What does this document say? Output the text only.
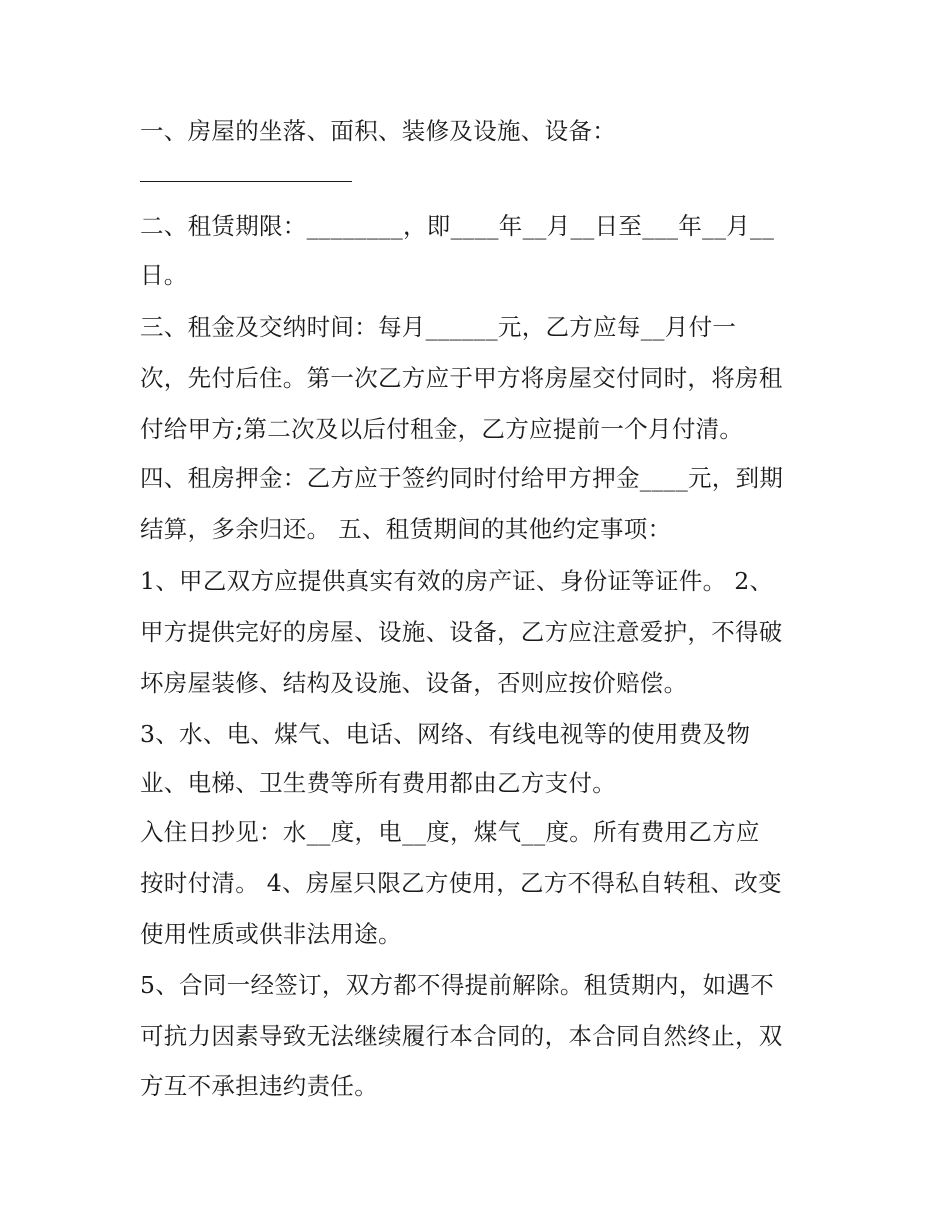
一、房屋的坐落、面积、装修及设施、设备：

二、租赁期限：________，即____年__月__日至___年__月__

日。

三、租金及交纳时间：每月______元，乙方应每__月付一

次，先付后住。第一次乙方应于甲方将房屋交付同时，将房租

付给甲方;第二次及以后付租金，乙方应提前一个月付清。

四、租房押金：乙方应于签约同时付给甲方押金____元，到期

结算，多余归还。 五、租赁期间的其他约定事项：

1、甲乙双方应提供真实有效的房产证、身份证等证件。 2、

甲方提供完好的房屋、设施、设备，乙方应注意爱护，不得破

坏房屋装修、结构及设施、设备，否则应按价赔偿。

3、水、电、煤气、电话、网络、有线电视等的使用费及物

业、电梯、卫生费等所有费用都由乙方支付。

入住日抄见：水__度，电__度，煤气__度。所有费用乙方应

按时付清。 4、房屋只限乙方使用，乙方不得私自转租、改变

使用性质或供非法用途。

5、合同一经签订，双方都不得提前解除。租赁期内，如遇不

可抗力因素导致无法继续履行本合同的，本合同自然终止，双

方互不承担违约责任。
